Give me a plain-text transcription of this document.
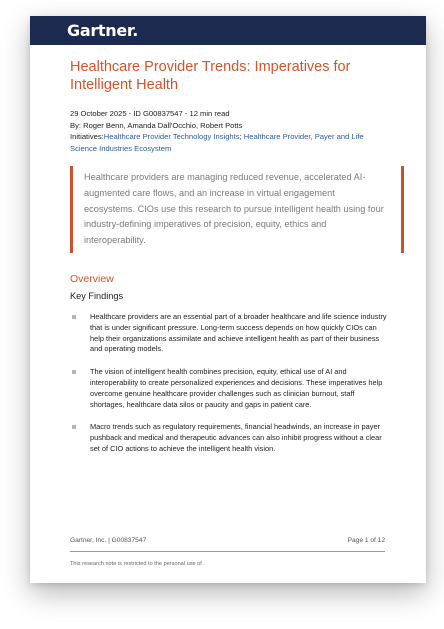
Gartner.
Healthcare Provider Trends: Imperatives for Intelligent Health
29 October 2025 - ID G00837547 - 12 min read
By: Roger Benn, Amanda Dall'Occhio, Robert Potts
Initiatives:Healthcare Provider Technology Insights; Healthcare Provider, Payer and Life Science Industries Ecosystem
Healthcare providers are managing reduced revenue, accelerated AI-augmented care flows, and an increase in virtual engagement ecosystems. CIOs use this research to pursue intelligent health using four industry-defining imperatives of precision, equity, ethics and interoperability.
Overview
Key Findings
Healthcare providers are an essential part of a broader healthcare and life science industry that is under significant pressure. Long-term success depends on how quickly CIOs can help their organizations assimilate and achieve intelligent health as part of their business and operating models.
The vision of intelligent health combines precision, equity, ethical use of AI and interoperability to create personalized experiences and decisions. These imperatives help overcome genuine healthcare provider challenges such as clinician burnout, staff shortages, healthcare data silos or paucity and gaps in patient care.
Macro trends such as regulatory requirements, financial headwinds, an increase in payer pushback and medical and therapeutic advances can also inhibit progress without a clear set of CIO actions to achieve the intelligent health vision.
Gartner, Inc. | G00837547	Page 1 of 12
This research note is restricted to the personal use of .
